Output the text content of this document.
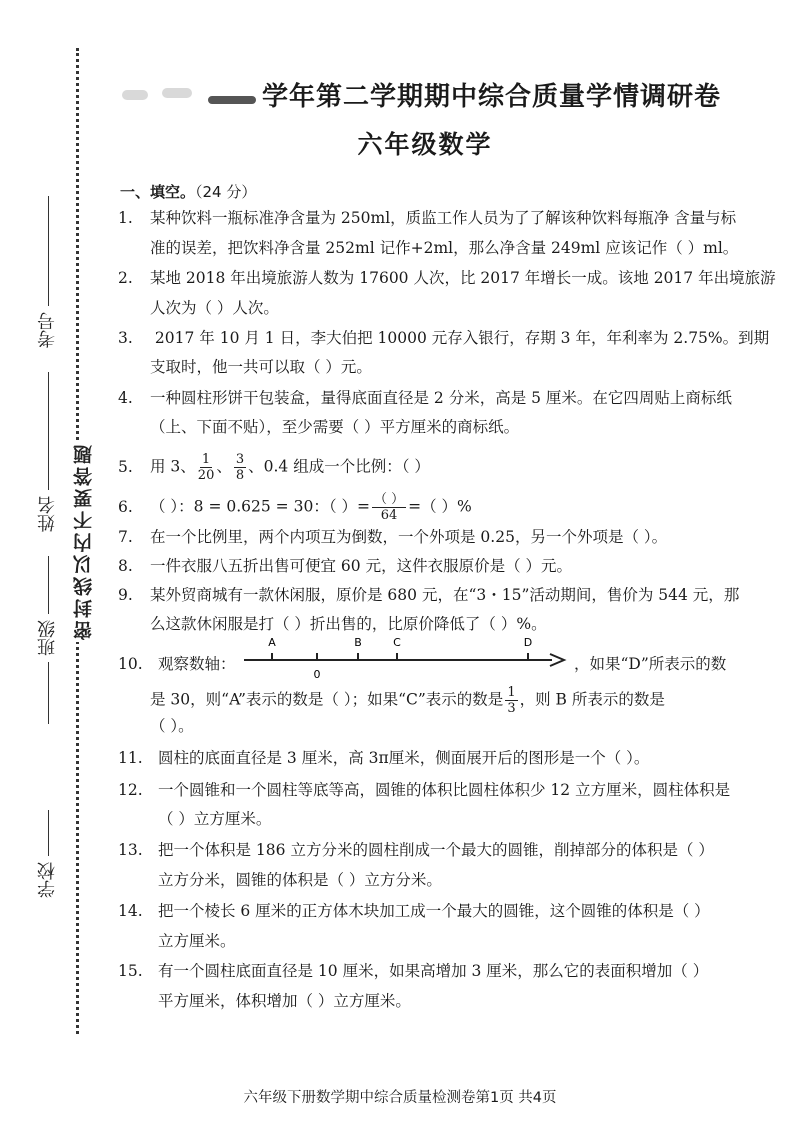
密封线以内不要答题
考号
姓名
班级
学校
学年第二学期期中综合质量学情调研卷
六年级数学
一、填空。（24 分）
1. 某种饮料一瓶标准净含量为 250ml，质监工作人员为了了解该种饮料每瓶净 含量与标
准的误差，把饮料净含量 252ml 记作+2ml，那么净含量 249ml 应该记作（ ）ml。
2. 某地 2018 年出境旅游人数为 17600 人次，比 2017 年增长一成。该地 2017 年出境旅游
人次为（ ）人次。
3. 2017 年 10 月 1 日，李大伯把 10000 元存入银行，存期 3 年，年利率为 2.75%。到期
支取时，他一共可以取（ ）元。
4. 一种圆柱形饼干包装盒，量得底面直径是 2 分米，高是 5 厘米。在它四周贴上商标纸
（上、下面不贴），至少需要（ ）平方厘米的商标纸。
5. 用 3、 $\frac{1}{20}$ 、 $\frac{3}{8}$ 、0.4 组成一个比例：（ ）
6. （ ）：8 = 0.625 = 30：（ ）= $\frac{( )}{64}$ =（ ）%
7. 在一个比例里，两个内项互为倒数，一个外项是 0.25，另一个外项是（ ）。
8. 一件衣服八五折出售可便宜 60 元，这件衣服原价是（ ）元。
9. 某外贸商城有一款休闲服，原价是 680 元，在“3・15”活动期间，售价为 544 元，那
么这款休闲服是打（ ）折出售的，比原价降低了（ ）%。
10. 观察数轴：
A	B	C	D
0
，如果“D”所表示的数
是 30，则“A”表示的数是（ ）；如果“C”表示的数是 $\frac{1}{3}$ ，则 B 所表示的数是
（ ）。
11. 圆柱的底面直径是 3 厘米，高 3π厘米，侧面展开后的图形是一个（ ）。
12. 一个圆锥和一个圆柱等底等高，圆锥的体积比圆柱体积少 12 立方厘米，圆柱体积是
（ ）立方厘米。
13. 把一个体积是 186 立方分米的圆柱削成一个最大的圆锥，削掉部分的体积是（ ）
立方分米，圆锥的体积是（ ）立方分米。
14. 把一个棱长 6 厘米的正方体木块加工成一个最大的圆锥，这个圆锥的体积是（ ）
立方厘米。
15. 有一个圆柱底面直径是 10 厘米，如果高增加 3 厘米，那么它的表面积增加（ ）
平方厘米，体积增加（ ）立方厘米。
六年级下册数学期中综合质量检测卷第1页 共4页
